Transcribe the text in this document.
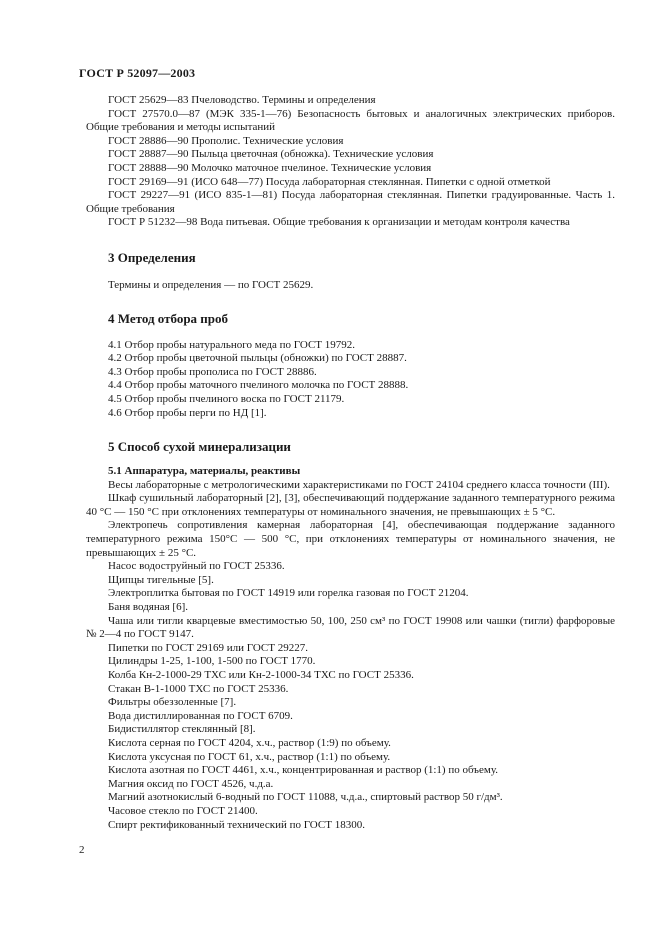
ГОСТ Р 52097—2003

ГОСТ 25629—83 Пчеловодство. Термины и определения

ГОСТ 27570.0—87 (МЭК 335-1—76) Безопасность бытовых и аналогичных электрических приборов. Общие требования и методы испытаний

ГОСТ 28886—90 Прополис. Технические условия

ГОСТ 28887—90 Пыльца цветочная (обножка). Технические условия

ГОСТ 28888—90 Молочко маточное пчелиное. Технические условия

ГОСТ 29169—91 (ИСО 648—77) Посуда лабораторная стеклянная. Пипетки с одной отметкой

ГОСТ 29227—91 (ИСО 835-1—81) Посуда лабораторная стеклянная. Пипетки градуированные. Часть 1. Общие требования

ГОСТ Р 51232—98 Вода питьевая. Общие требования к организации и методам контроля качества

3 Определения

Термины и определения — по ГОСТ 25629.

4 Метод отбора проб

4.1 Отбор пробы натурального меда по ГОСТ 19792.

4.2 Отбор пробы цветочной пыльцы (обножки) по ГОСТ 28887.

4.3 Отбор пробы прополиса по ГОСТ 28886.

4.4 Отбор пробы маточного пчелиного молочка по ГОСТ 28888.

4.5 Отбор пробы пчелиного воска по ГОСТ 21179.

4.6 Отбор пробы перги по НД [1].

5 Способ сухой минерализации
5.1 Аппаратура, материалы, реактивы

Весы лабораторные с метрологическими характеристиками по ГОСТ 24104 среднего класса точности (III).

Шкаф сушильный лабораторный [2], [3], обеспечивающий поддержание заданного температурного режима 40 °С — 150 °С при отклонениях температуры от номинального значения, не превышающих ± 5 °С.

Электропечь сопротивления камерная лабораторная [4], обеспечивающая поддержание заданного температурного режима 150°С — 500 °С, при отклонениях температуры от номинального значения, не превышающих ± 25 °С.

Насос водоструйный по ГОСТ 25336.

Щипцы тигельные [5].

Электроплитка бытовая по ГОСТ 14919 или горелка газовая по ГОСТ 21204.

Баня водяная [6].

Чаша или тигли кварцевые вместимостью 50, 100, 250 см³ по ГОСТ 19908 или чашки (тигли) фарфоровые № 2—4 по ГОСТ 9147.

Пипетки по ГОСТ 29169 или ГОСТ 29227.

Цилиндры 1-25, 1-100, 1-500 по ГОСТ 1770.

Колба Кн-2-1000-29 ТХС или Кн-2-1000-34 ТХС по ГОСТ 25336.

Стакан В-1-1000 ТХС по ГОСТ 25336.

Фильтры обеззоленные [7].

Вода дистиллированная по ГОСТ 6709.

Бидистиллятор стеклянный [8].

Кислота серная по ГОСТ 4204, х.ч., раствор (1:9) по объему.

Кислота уксусная по ГОСТ 61, х.ч., раствор (1:1) по объему.

Кислота азотная по ГОСТ 4461, х.ч., концентрированная и раствор (1:1) по объему.

Магния оксид по ГОСТ 4526, ч.д.а.

Магний азотнокислый 6-водный по ГОСТ 11088, ч.д.а., спиртовый раствор 50 г/дм³.

Часовое стекло по ГОСТ 21400.

Спирт ректификованный технический по ГОСТ 18300.

2
